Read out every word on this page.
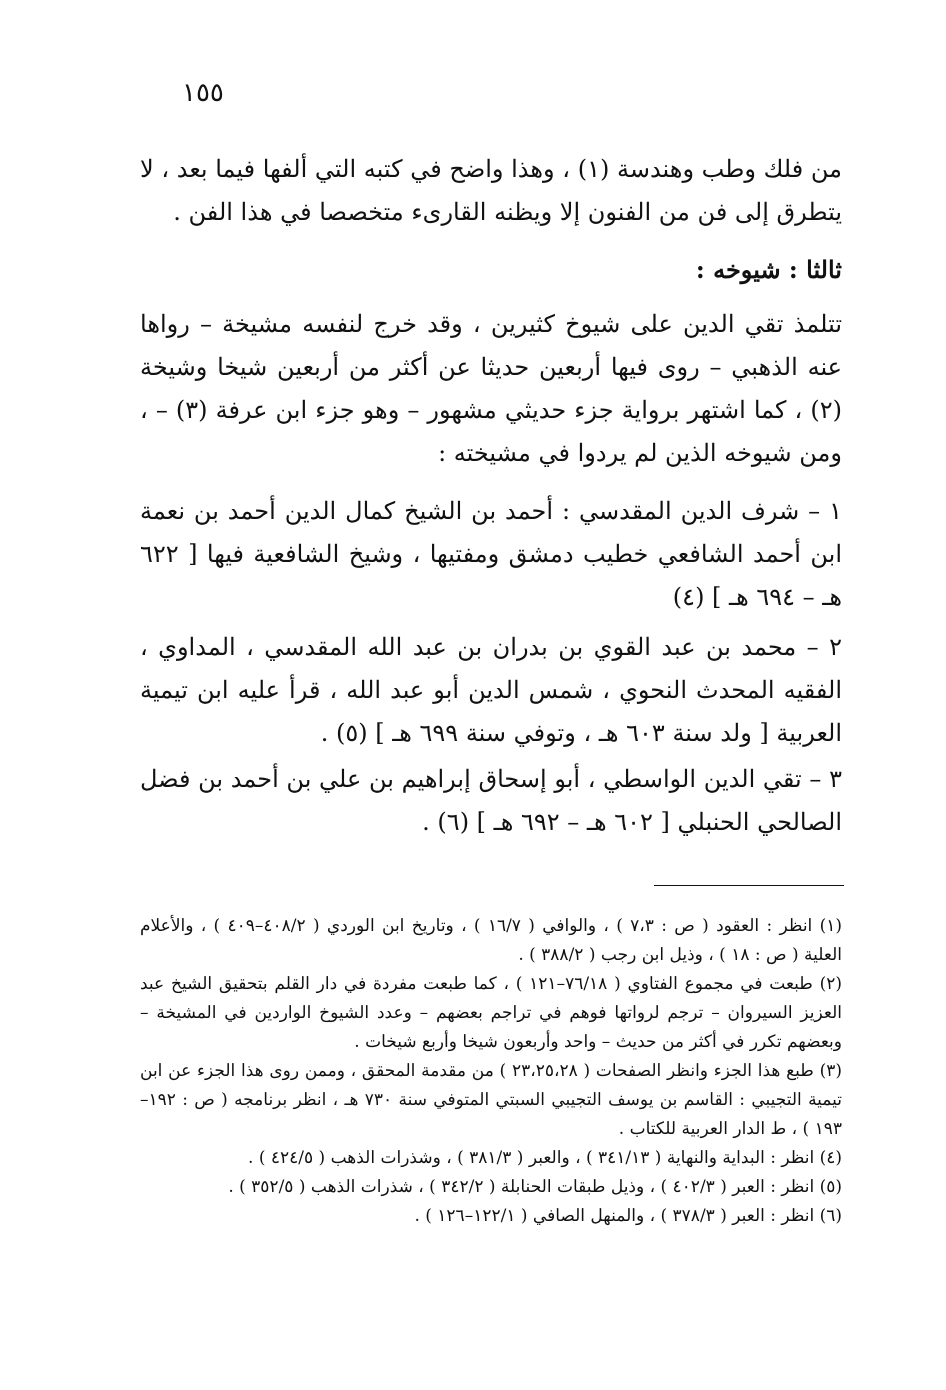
١٥٥

من فلك وطب وهندسة (١) ، وهذا واضح في كتبه التي ألفها فيما بعد ، لا يتطرق إلى فن من الفنون إلا ويظنه القارىء متخصصا في هذا الفن .

ثالثا : شيوخه :

تتلمذ تقي الدين على شيوخ كثيرين ، وقد خرج لنفسه مشيخة – رواها عنه الذهبي – روى فيها أربعين حديثا عن أكثر من أربعين شيخا وشيخة (٢) ، كما اشتهر برواية جزء حديثي مشهور – وهو جزء ابن عرفة (٣) – ، ومن شيوخه الذين لم يردوا في مشيخته :

١ – شرف الدين المقدسي : أحمد بن الشيخ كمال الدين أحمد بن نعمة ابن أحمد الشافعي خطيب دمشق ومفتيها ، وشيخ الشافعية فيها [ ٦٢٢ هـ – ٦٩٤ هـ ] (٤)

٢ – محمد بن عبد القوي بن بدران بن عبد الله المقدسي ، المداوي ، الفقيه المحدث النحوي ، شمس الدين أبو عبد الله ، قرأ عليه ابن تيمية العربية [ ولد سنة ٦٠٣ هـ ، وتوفي سنة ٦٩٩ هـ ] (٥) .

٣ – تقي الدين الواسطي ، أبو إسحاق إبراهيم بن علي بن أحمد بن فضل الصالحي الحنبلي [ ٦٠٢ هـ – ٦٩٢ هـ ] (٦) .

(١) انظر : العقود ( ص : ٧،٣ ) ، والوافي ( ١٦/٧ ) ، وتاريخ ابن الوردي ( ٤٠٨/٢–٤٠٩ ) ، والأعلام العلية ( ص : ١٨ ) ، وذيل ابن رجب ( ٣٨٨/٢ ) .

(٢) طبعت في مجموع الفتاوي ( ٧٦/١٨–١٢١ ) ، كما طبعت مفردة في دار القلم بتحقيق الشيخ عبد العزيز السيروان – ترجم لرواتها فوهم في تراجم بعضهم – وعدد الشيوخ الواردين في المشيخة – وبعضهم تكرر في أكثر من حديث – واحد وأربعون شيخا وأربع شيخات .

(٣) طبع هذا الجزء وانظر الصفحات ( ٢٣،٢٥،٢٨ ) من مقدمة المحقق ، وممن روى هذا الجزء عن ابن تيمية التجيبي : القاسم بن يوسف التجيبي السبتي المتوفي سنة ٧٣٠ هـ ، انظر برنامجه ( ص : ١٩٢–١٩٣ ) ، ط الدار العربية للكتاب .

(٤) انظر : البداية والنهاية ( ٣٤١/١٣ ) ، والعبر ( ٣٨١/٣ ) ، وشذرات الذهب ( ٤٢٤/٥ ) .

(٥) انظر : العبر ( ٤٠٢/٣ ) ، وذيل طبقات الحنابلة ( ٣٤٢/٢ ) ، شذرات الذهب ( ٣٥٢/٥ ) .

(٦) انظر : العبر ( ٣٧٨/٣ ) ، والمنهل الصافي ( ١٢٢/١–١٢٦ ) .
